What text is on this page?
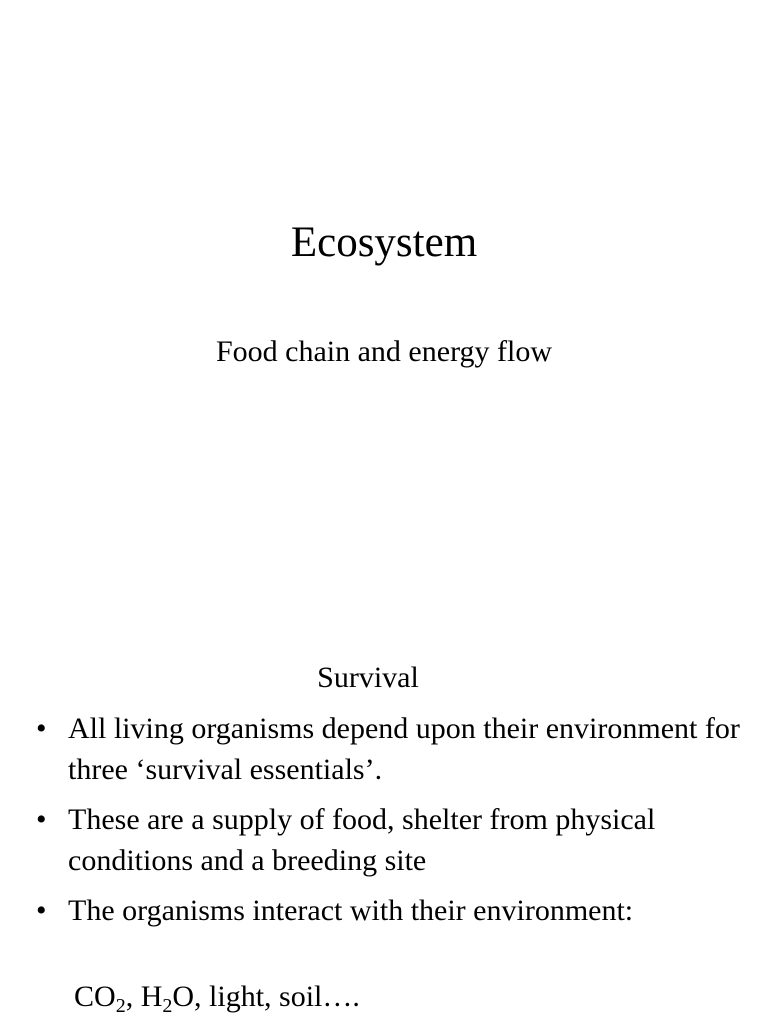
Ecosystem
Food chain and energy flow
Survival
• All living organisms depend upon their environment for three ‘survival essentials’.
• These are a supply of food, shelter from physical conditions and a breeding site
• The organisms interact with their environment:

$CO_2$, $H_2O$, light, soil….
